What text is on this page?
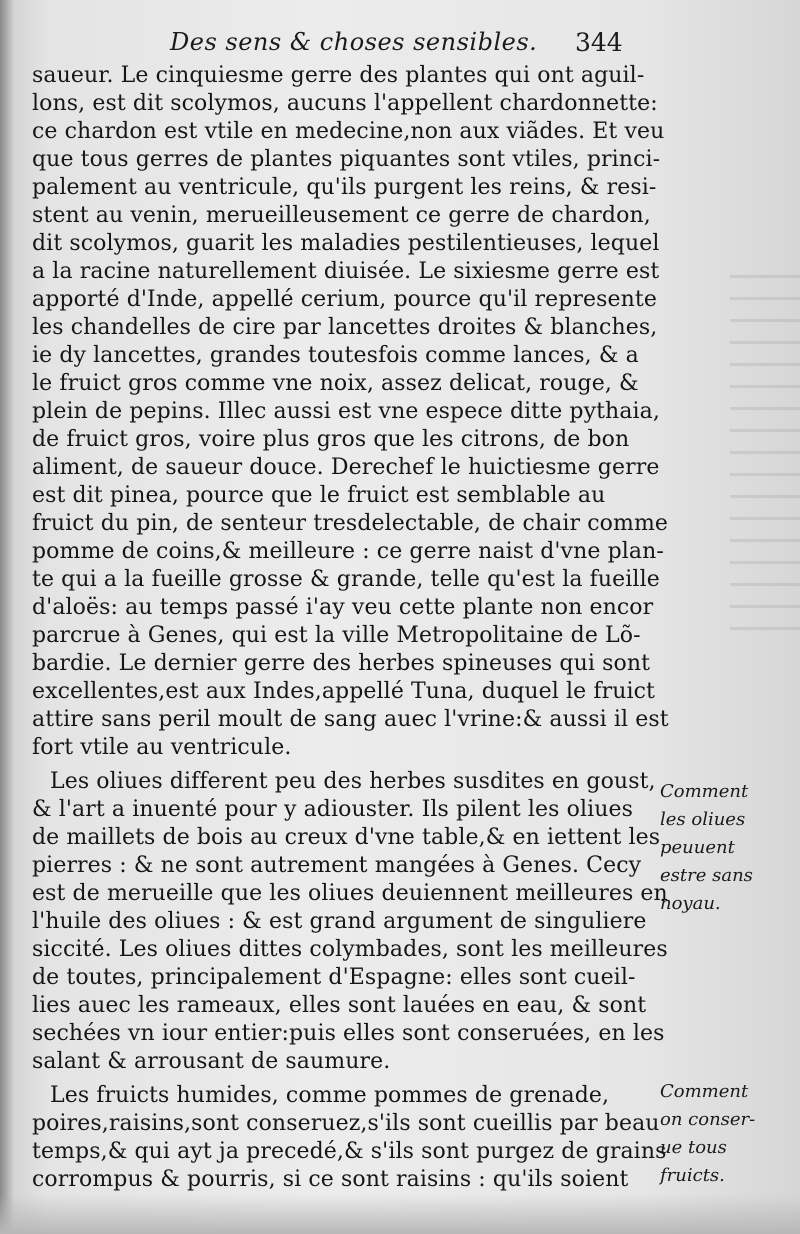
Des sens & choses sensibles. 344
saueur. Le cinquiesme gerre des plantes qui ont aguil-
lons, est dit scolymos, aucuns l'appellent chardonnette:
ce chardon est vtile en medecine,non aux viãdes. Et veu
que tous gerres de plantes piquantes sont vtiles, princi-
palement au ventricule, qu'ils purgent les reins, & resi-
stent au venin, merueilleusement ce gerre de chardon,
dit scolymos, guarit les maladies pestilentieuses, lequel
a la racine naturellement diuisée. Le sixiesme gerre est
apporté d'Inde, appellé cerium, pource qu'il represente
les chandelles de cire par lancettes droites & blanches,
ie dy lancettes, grandes toutesfois comme lances, & a
le fruict gros comme vne noix, assez delicat, rouge, &
plein de pepins. Illec aussi est vne espece ditte pythaia,
de fruict gros, voire plus gros que les citrons, de bon
aliment, de saueur douce. Derechef le huictiesme gerre
est dit pinea, pource que le fruict est semblable au
fruict du pin, de senteur tresdelectable, de chair comme
pomme de coins,& meilleure : ce gerre naist d'vne plan-
te qui a la fueille grosse & grande, telle qu'est la fueille
d'aloës: au temps passé i'ay veu cette plante non encor
parcrue à Genes, qui est la ville Metropolitaine de Lõ-
bardie. Le dernier gerre des herbes spineuses qui sont
excellentes,est aux Indes,appellé Tuna, duquel le fruict
attire sans peril moult de sang auec l'vrine:& aussi il est
fort vtile au ventricule.
Les oliues different peu des herbes susdites en goust,
& l'art a inuenté pour y adiouster. Ils pilent les oliues
de maillets de bois au creux d'vne table,& en iettent les
pierres : & ne sont autrement mangées à Genes. Cecy
est de merueille que les oliues deuiennent meilleures en
l'huile des oliues : & est grand argument de singuliere
siccité. Les oliues dittes colymbades, sont les meilleures
de toutes, principalement d'Espagne: elles sont cueil-
lies auec les rameaux, elles sont lauées en eau, & sont
sechées vn iour entier:puis elles sont conseruées, en les
salant & arrousant de saumure.
Les fruicts humides, comme pommes de grenade,
poires,raisins,sont conseruez,s'ils sont cueillis par beau
temps,& qui ayt ja precedé,& s'ils sont purgez de grains
corrompus & pourris, si ce sont raisins : qu'ils soient
Comment
les oliues
peuuent
estre sans
noyau.
Comment
on conser-
ue tous
fruicts.
